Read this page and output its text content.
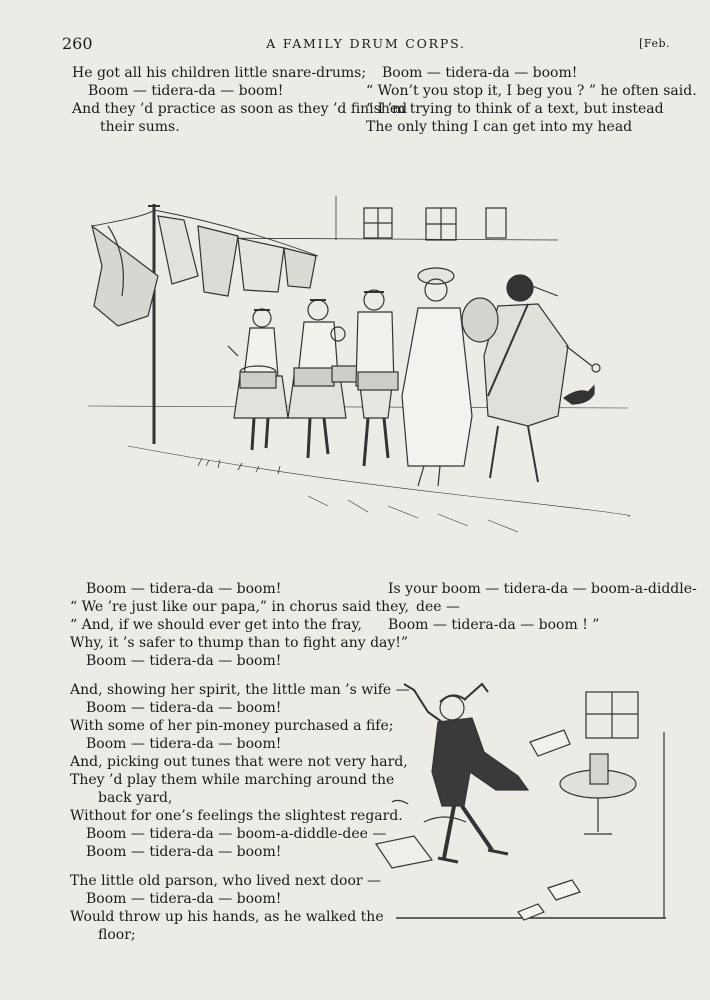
260	A FAMILY DRUM CORPS.	[Feb.
He got all his children little snare-drums;
Boom — tidera-da — boom!
And they ’d practice as soon as they ’d finished
their sums.
Boom — tidera-da — boom!
“ Won’t you stop it, I beg you ? ” he often said.
“ I ’m trying to think of a text, but instead
The only thing I can get into my head
Boom — tidera-da — boom!
“ We ’re just like our papa,” in chorus said they,
“ And, if we should ever get into the fray,
Why, it ’s safer to thump than to fight any day!”
Boom — tidera-da — boom!
And, showing her spirit, the little man ’s wife —
Boom — tidera-da — boom!
With some of her pin-money purchased a fife;
Boom — tidera-da — boom!
And, picking out tunes that were not very hard,
They ’d play them while marching around the
back yard,
Without for one’s feelings the slightest regard.
Boom — tidera-da — boom-a-diddle-dee —
Boom — tidera-da — boom!
The little old parson, who lived next door —
Boom — tidera-da — boom!
Would throw up his hands, as he walked the
floor;
Is your boom — tidera-da — boom-a-diddle-
dee —
Boom — tidera-da — boom ! ”
